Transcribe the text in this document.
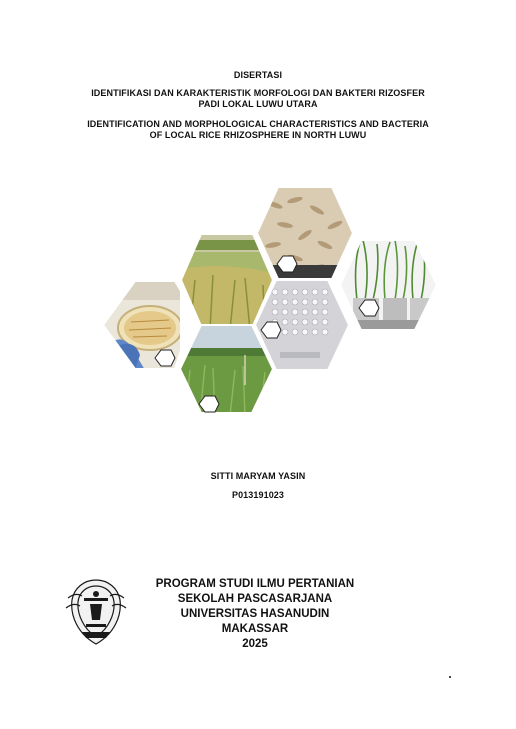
DISERTASI
IDENTIFIKASI DAN KARAKTERISTIK MORFOLOGI DAN BAKTERI RIZOSFER
PADI LOKAL LUWU UTARA
IDENTIFICATION AND MORPHOLOGICAL CHARACTERISTICS AND BACTERIA
OF LOCAL RICE RHIZOSPHERE IN NORTH LUWU
SITTI MARYAM YASIN
P013191023
PROGRAM STUDI ILMU PERTANIAN
SEKOLAH PASCASARJANA
UNIVERSITAS HASANUDIN
MAKASSAR
2025
